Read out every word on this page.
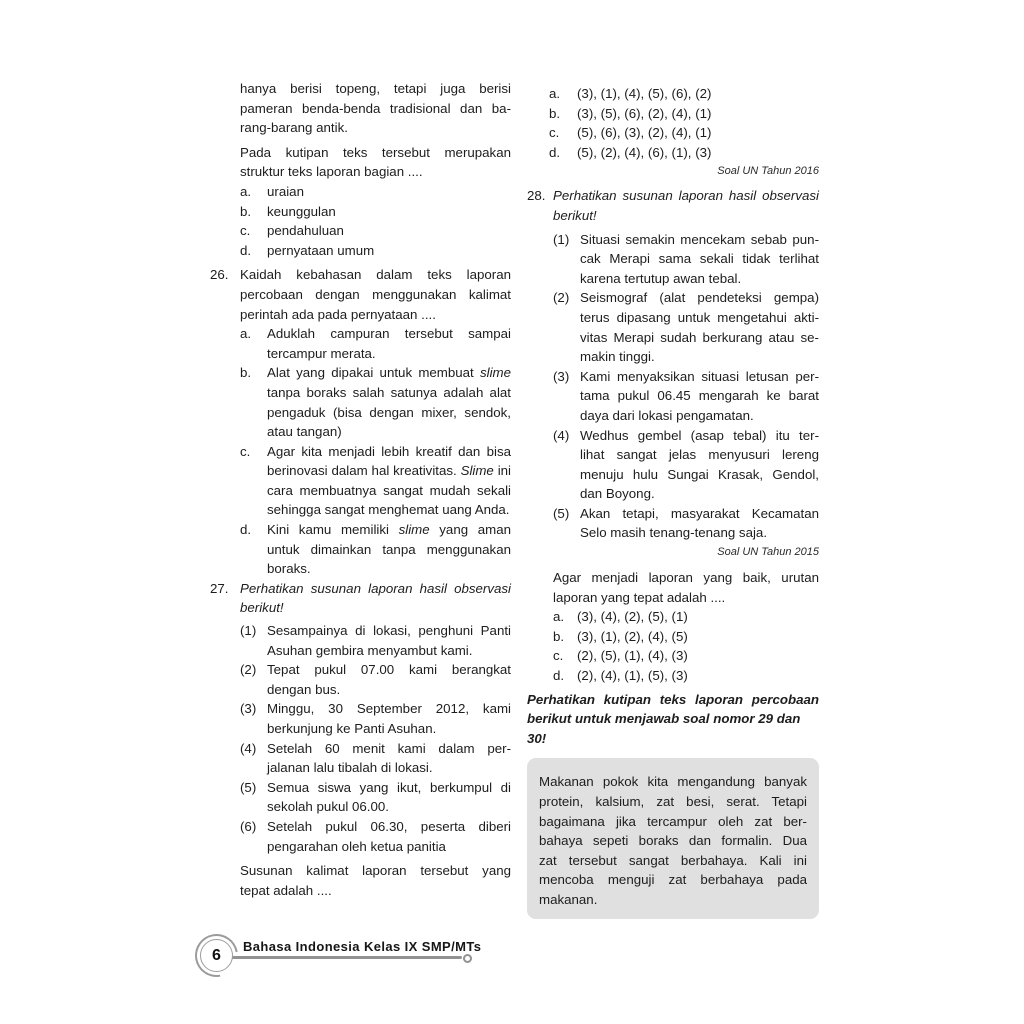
hanya berisi topeng, tetapi juga berisi
pameran benda-benda tradisional dan ba-
rang-barang antik.
Pada kutipan teks tersebut merupakan
struktur teks laporan bagian ....
a.	uraian
b.	keunggulan
c.	pendahuluan
d.	pernyataan umum
26. Kaidah kebahasan dalam teks laporan
percobaan dengan menggunakan kalimat
perintah ada pada pernyataan ....
a.	Aduklah campuran tersebut sampai
tercampur merata.
b.	Alat yang dipakai untuk membuat slime
tanpa boraks salah satunya adalah alat
pengaduk (bisa dengan mixer, sendok,
atau tangan)
c.	Agar kita menjadi lebih kreatif dan bisa
berinovasi dalam hal kreativitas. Slime ini
cara membuatnya sangat mudah sekali
sehingga sangat menghemat uang Anda.
d.	Kini kamu memiliki slime yang aman
untuk dimainkan tanpa menggunakan
boraks.
27. Perhatikan susunan laporan hasil observasi
berikut!
(1) Sesampainya di lokasi, penghuni Panti
Asuhan gembira menyambut kami.
(2) Tepat pukul 07.00 kami berangkat
dengan bus.
(3) Minggu, 30 September 2012, kami
berkunjung ke Panti Asuhan.
(4) Setelah 60 menit kami dalam per-
jalanan lalu tibalah di lokasi.
(5) Semua siswa yang ikut, berkumpul di
sekolah pukul 06.00.
(6) Setelah pukul 06.30, peserta diberi
pengarahan oleh ketua panitia
Susunan kalimat laporan tersebut yang
tepat adalah ....
a.	(3), (1), (4), (5), (6), (2)
b.	(3), (5), (6), (2), (4), (1)
c.	(5), (6), (3), (2), (4), (1)
d.	(5), (2), (4), (6), (1), (3)
Soal UN Tahun 2016
28. Perhatikan susunan laporan hasil observasi
berikut!
(1) Situasi semakin mencekam sebab pun-
cak Merapi sama sekali tidak terlihat
karena tertutup awan tebal.
(2) Seismograf (alat pendeteksi gempa)
terus dipasang untuk mengetahui akti-
vitas Merapi sudah berkurang atau se-
makin tinggi.
(3) Kami menyaksikan situasi letusan per-
tama pukul 06.45 mengarah ke barat
daya dari lokasi pengamatan.
(4) Wedhus gembel (asap tebal) itu ter-
lihat sangat jelas menyusuri lereng
menuju hulu Sungai Krasak, Gendol,
dan Boyong.
(5) Akan tetapi, masyarakat Kecamatan
Selo masih tenang-tenang saja.
Soal UN Tahun 2015
Agar menjadi laporan yang baik, urutan
laporan yang tepat adalah ....
a. (3), (4), (2), (5), (1)
b. (3), (1), (2), (4), (5)
c.	(2), (5), (1), (4), (3)
d. (2), (4), (1), (5), (3)
Perhatikan kutipan teks laporan percobaan
berikut untuk menjawab soal nomor 29 dan 30!
Makanan pokok kita mengandung banyak
protein, kalsium, zat besi, serat. Tetapi
bagaimana jika tercampur oleh zat ber-
bahaya sepeti boraks dan formalin. Dua
zat tersebut sangat berbahaya. Kali ini
mencoba menguji zat berbahaya pada
makanan.
6 Bahasa Indonesia Kelas IX SMP/MTs
